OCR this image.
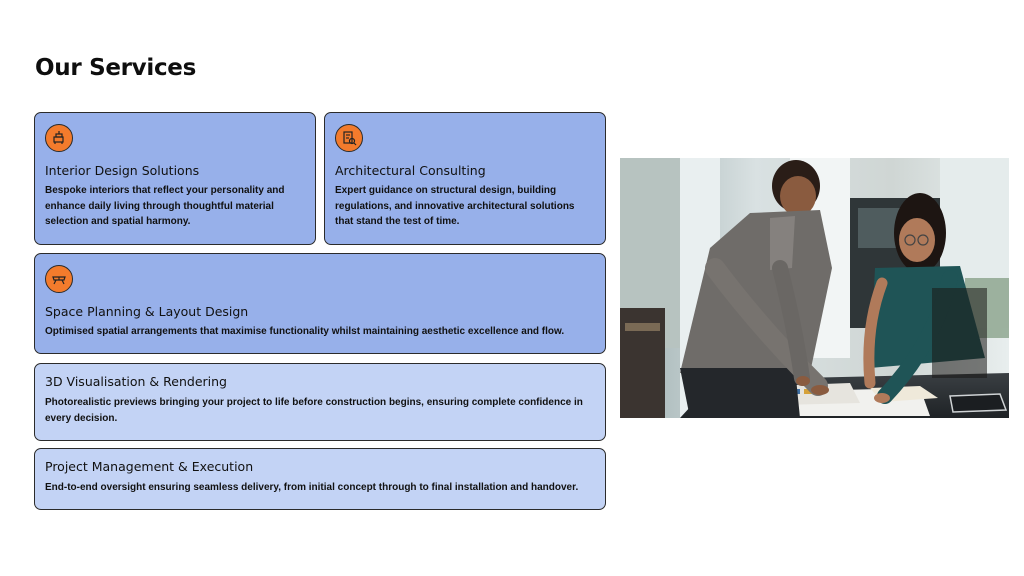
Our Services
Interior Design Solutions
Bespoke interiors that reflect your personality and enhance daily living through thoughtful material selection and spatial harmony.
Architectural Consulting
Expert guidance on structural design, building regulations, and innovative architectural solutions that stand the test of time.
Space Planning & Layout Design
Optimised spatial arrangements that maximise functionality whilst maintaining aesthetic excellence and flow.
3D Visualisation & Rendering
Photorealistic previews bringing your project to life before construction begins, ensuring complete confidence in every decision.
Project Management & Execution
End-to-end oversight ensuring seamless delivery, from initial concept through to final installation and handover.
